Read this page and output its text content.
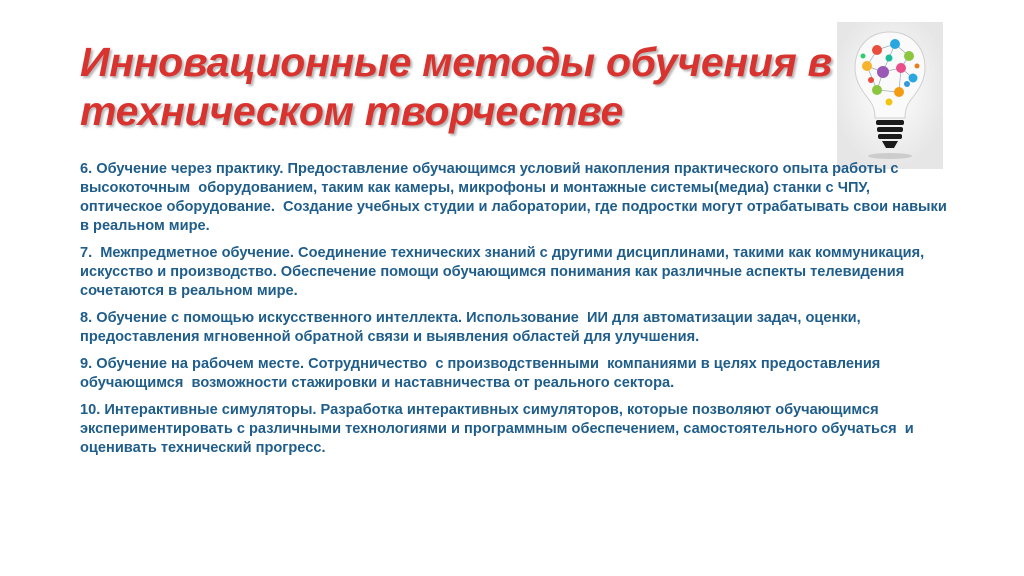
Инновационные методы обучения в
техническом творчестве

6. Обучение через практику. Предоставление обучающимся условий накопления практического опыта работы с высокоточным  оборудованием, таким как камеры, микрофоны и монтажные системы(медиа) станки с ЧПУ, оптическое оборудование.  Создание учебных студии и лаборатории, где подростки могут отрабатывать свои навыки в реальном мире.

7.  Межпредметное обучение. Соединение технических знаний с другими дисциплинами, такими как коммуникация, искусство и производство. Обеспечение помощи обучающимся понимания как различные аспекты телевидения сочетаются в реальном мире.

8. Обучение с помощью искусственного интеллекта. Использование  ИИ для автоматизации задач, оценки, предоставления мгновенной обратной связи и выявления областей для улучшения.

9. Обучение на рабочем месте. Сотрудничество  с производственными  компаниями в целях предоставления обучающимся  возможности стажировки и наставничества от реального сектора.

10. Интерактивные симуляторы. Разработка интерактивных симуляторов, которые позволяют обучающимся экспериментировать с различными технологиями и программным обеспечением, самостоятельного обучаться  и оценивать технический прогресс.
